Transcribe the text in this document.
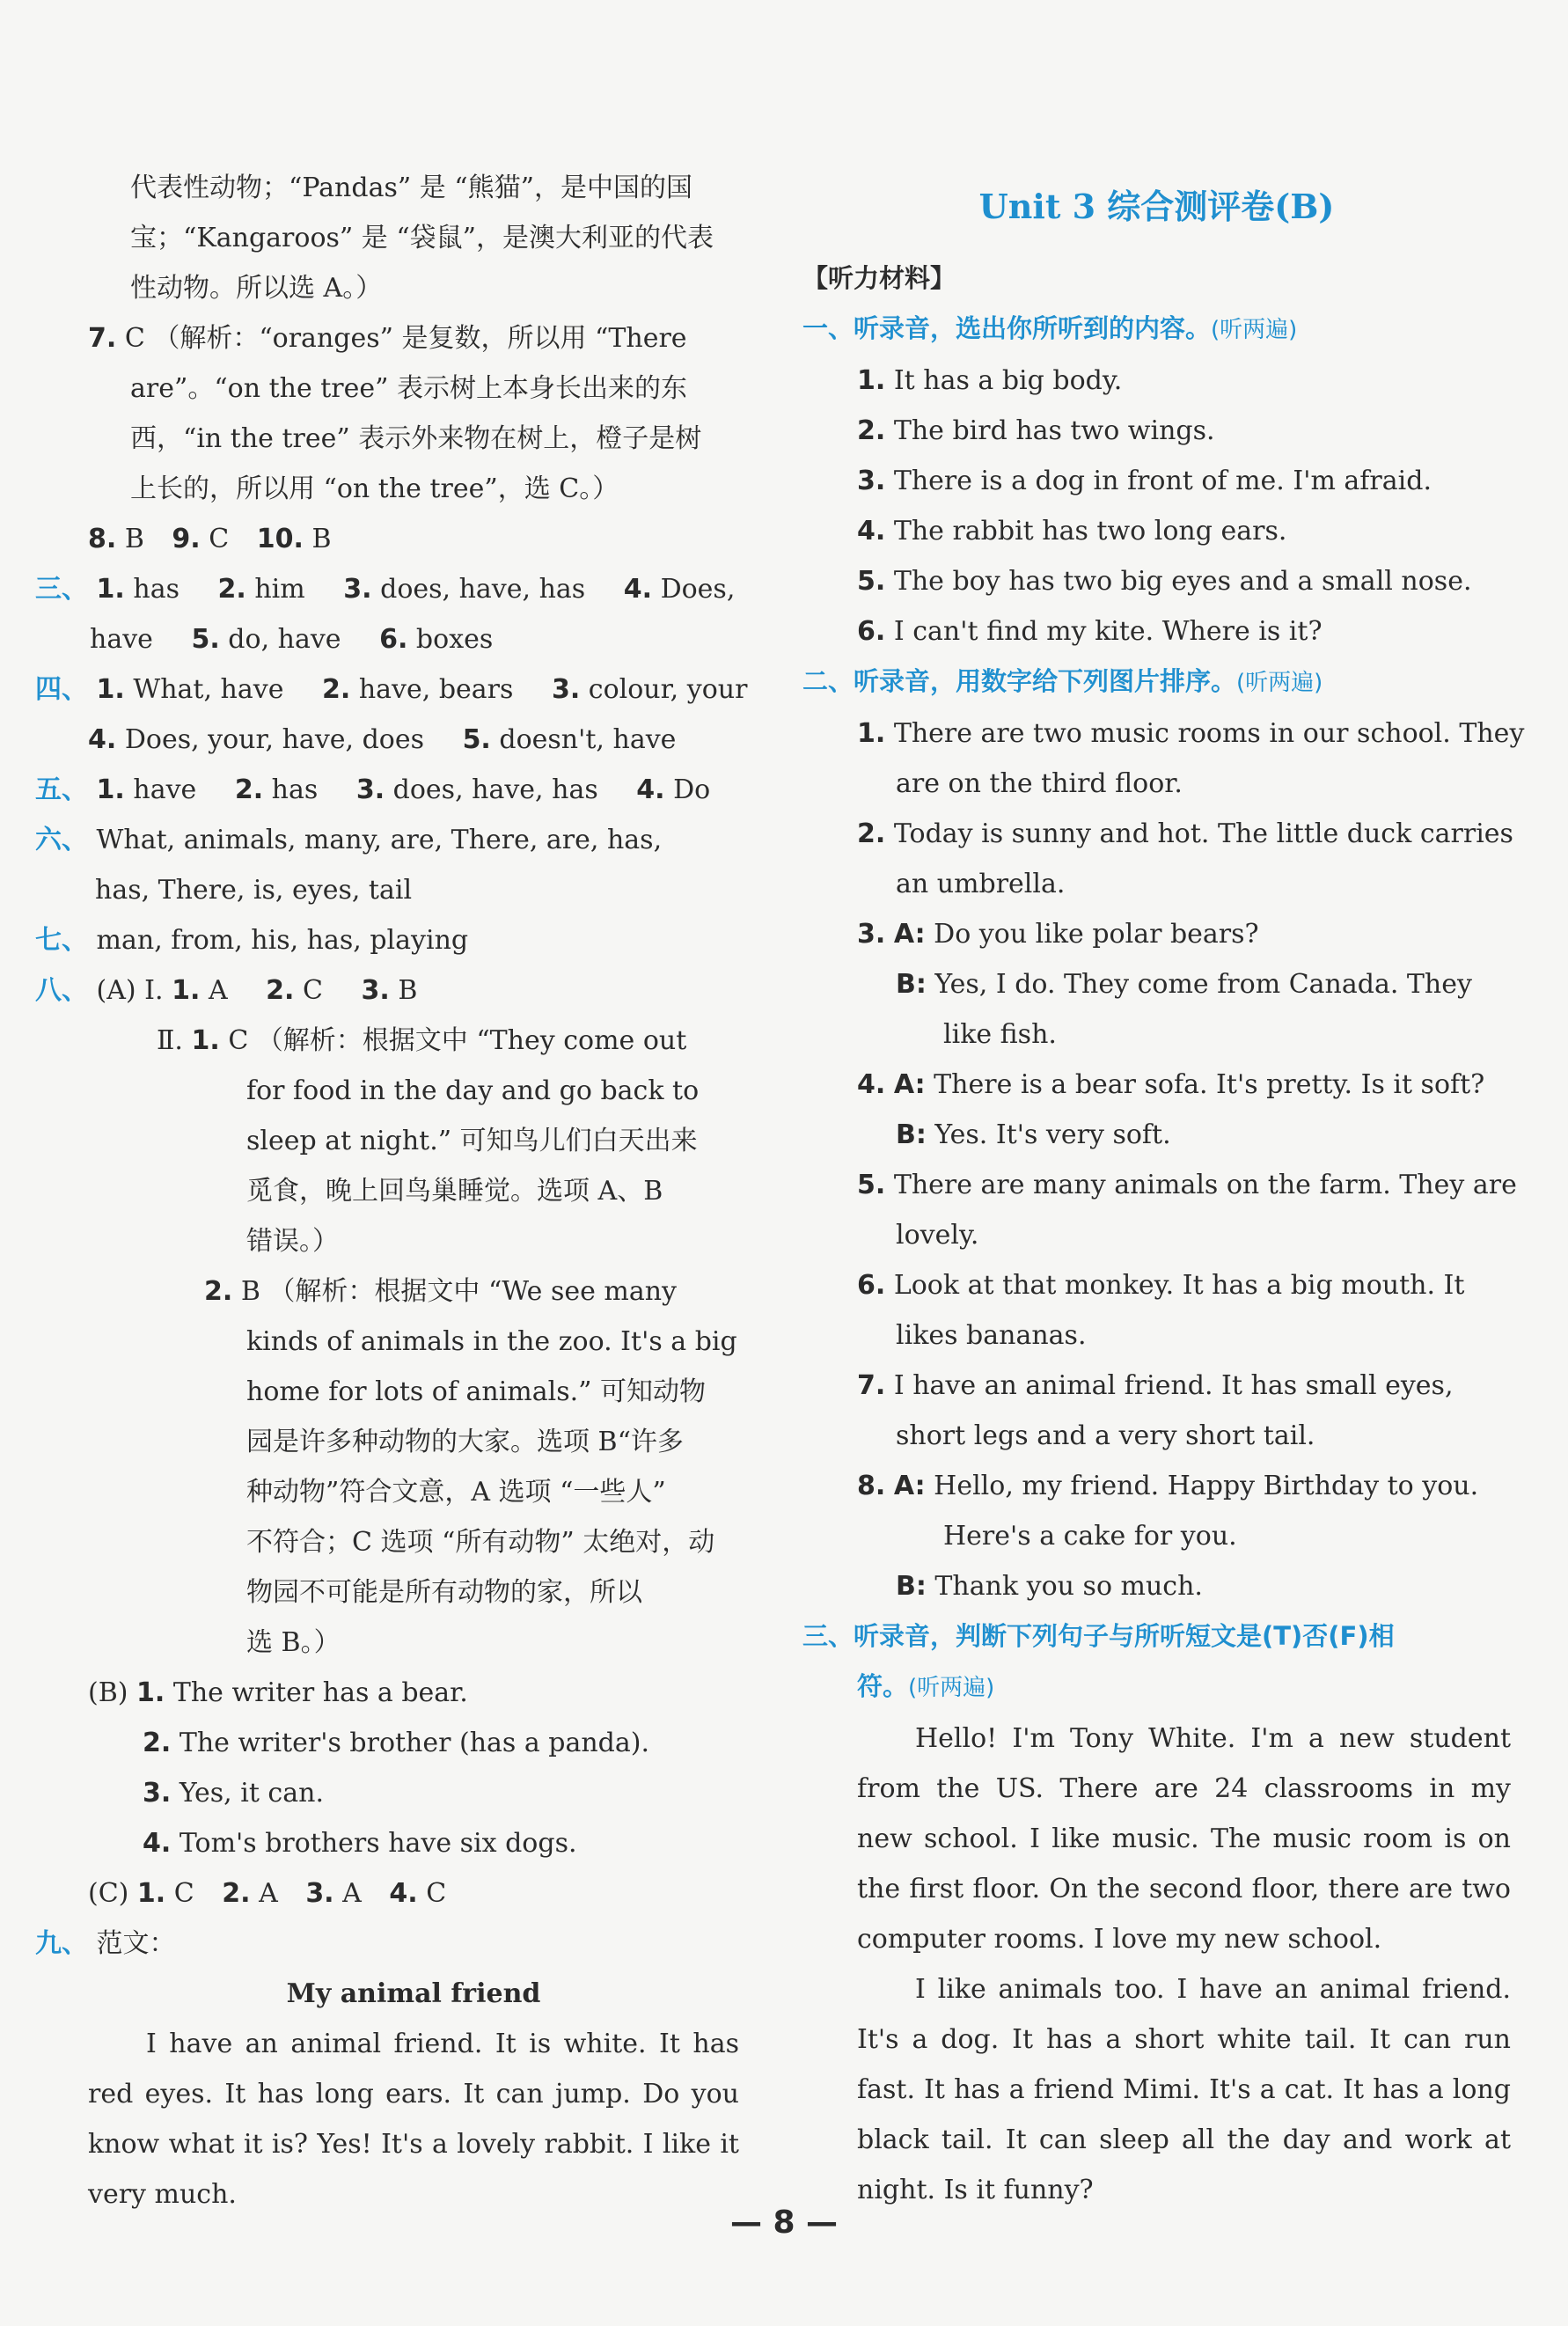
代表性动物；“Pandas” 是 “熊猫”，是中国的国
宝；“Kangaroos” 是 “袋鼠”，是澳大利亚的代表
性动物。所以选 A。）
7. C （解析：“oranges” 是复数，所以用 “There
are”。“on the tree” 表示树上本身长出来的东
西，“in the tree” 表示外来物在树上，橙子是树
上长的，所以用 “on the tree”，选 C。）
8. B 9. C 10. B
三、 1. has 2. him 3. does, have, has 4. Does,
have 5. do, have 6. boxes
四、 1. What, have 2. have, bears 3. colour, your
4. Does, your, have, does 5. doesn't, have
五、 1. have 2. has 3. does, have, has 4. Do
六、 What, animals, many, are, There, are, has,
has, There, is, eyes, tail
七、 man, from, his, has, playing
八、 (A) Ⅰ. 1. A 2. C 3. B
Ⅱ. 1. C （解析：根据文中 “They come out
for food in the day and go back to
sleep at night.” 可知鸟儿们白天出来
觅食，晚上回鸟巢睡觉。选项 A、B
错误。）
2. B （解析：根据文中 “We see many
kinds of animals in the zoo. It's a big
home for lots of animals.” 可知动物
园是许多种动物的大家。选项 B“许多
种动物”符合文意，A 选项 “一些人”
不符合；C 选项 “所有动物” 太绝对，动
物园不可能是所有动物的家，所以
选 B。）
(B) 1. The writer has a bear.
2. The writer's brother (has a panda).
3. Yes, it can.
4. Tom's brothers have six dogs.
(C) 1. C 2. A 3. A 4. C
九、 范文：
My animal friend
I have an animal friend. It is white. It has red eyes. It has long ears. It can jump. Do you know what it is? Yes! It's a lovely rabbit. I like it very much.
Unit 3 综合测评卷(B)
【听力材料】
一、听录音，选出你所听到的内容。(听两遍)
1. It has a big body.
2. The bird has two wings.
3. There is a dog in front of me. I'm afraid.
4. The rabbit has two long ears.
5. The boy has two big eyes and a small nose.
6. I can't find my kite. Where is it?
二、听录音，用数字给下列图片排序。(听两遍)
1. There are two music rooms in our school. They
are on the third floor.
2. Today is sunny and hot. The little duck carries
an umbrella.
3. A: Do you like polar bears?
B: Yes, I do. They come from Canada. They
like fish.
4. A: There is a bear sofa. It's pretty. Is it soft?
B: Yes. It's very soft.
5. There are many animals on the farm. They are
lovely.
6. Look at that monkey. It has a big mouth. It
likes bananas.
7. I have an animal friend. It has small eyes,
short legs and a very short tail.
8. A: Hello, my friend. Happy Birthday to you.
Here's a cake for you.
B: Thank you so much.
三、听录音，判断下列句子与所听短文是(T)否(F)相
符。(听两遍)
Hello! I'm Tony White. I'm a new student from the US. There are 24 classrooms in my new school. I like music. The music room is on the first floor. On the second floor, there are two computer rooms. I love my new school.
I like animals too. I have an animal friend. It's a dog. It has a short white tail. It can run fast. It has a friend Mimi. It's a cat. It has a long black tail. It can sleep all the day and work at night. Is it funny?
— 8 —
